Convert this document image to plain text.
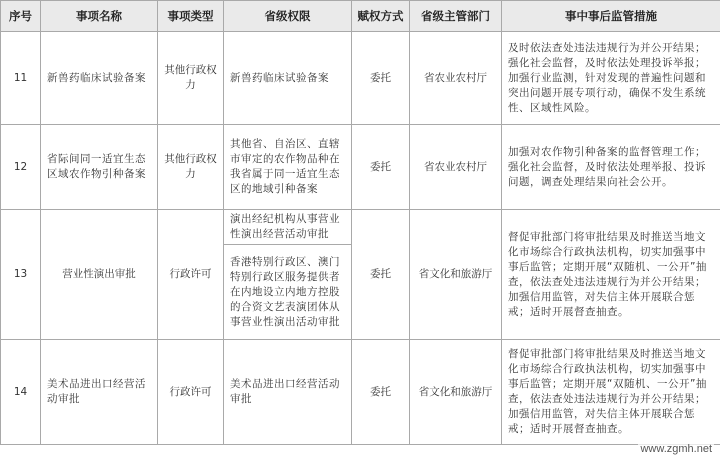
序号	事项名称	事项类型	省级权限	赋权方式	省级主管部门	事中事后监管措施
11	新兽药临床试验备案	其他行政权力	新兽药临床试验备案	委托	省农业农村厅	及时依法查处违法违规行为并公开结果；强化社会监督，及时依法处理投诉举报；加强行业监测，针对发现的普遍性问题和突出问题开展专项行动，确保不发生系统性、区域性风险。
12	省际间同一适宜生态区域农作物引种备案	其他行政权力	其他省、自治区、直辖市审定的农作物品种在我省属于同一适宜生态区的地域引种备案	委托	省农业农村厅	加强对农作物引种备案的监督管理工作；强化社会监督，及时依法处理举报、投诉问题，调查处理结果向社会公开。
13	营业性演出审批	行政许可	演出经纪机构从事营业性演出经营活动审批	委托	省文化和旅游厅	督促审批部门将审批结果及时推送当地文化市场综合行政执法机构，切实加强事中事后监管；定期开展“双随机、一公开”抽查，依法查处违法违规行为并公开结果；加强信用监管，对失信主体开展联合惩戒；适时开展督查抽查。
			香港特别行政区、澳门特别行政区服务提供者在内地设立内地方控股的合资文艺表演团体从事营业性演出活动审批			
14	美术品进出口经营活动审批	行政许可	美术品进出口经营活动审批	委托	省文化和旅游厅	督促审批部门将审批结果及时推送当地文化市场综合行政执法机构，切实加强事中事后监管；定期开展“双随机、一公开”抽查，依法查处违法违规行为并公开结果；加强信用监管，对失信主体开展联合惩戒；适时开展督查抽查。
www.zgmh.net
